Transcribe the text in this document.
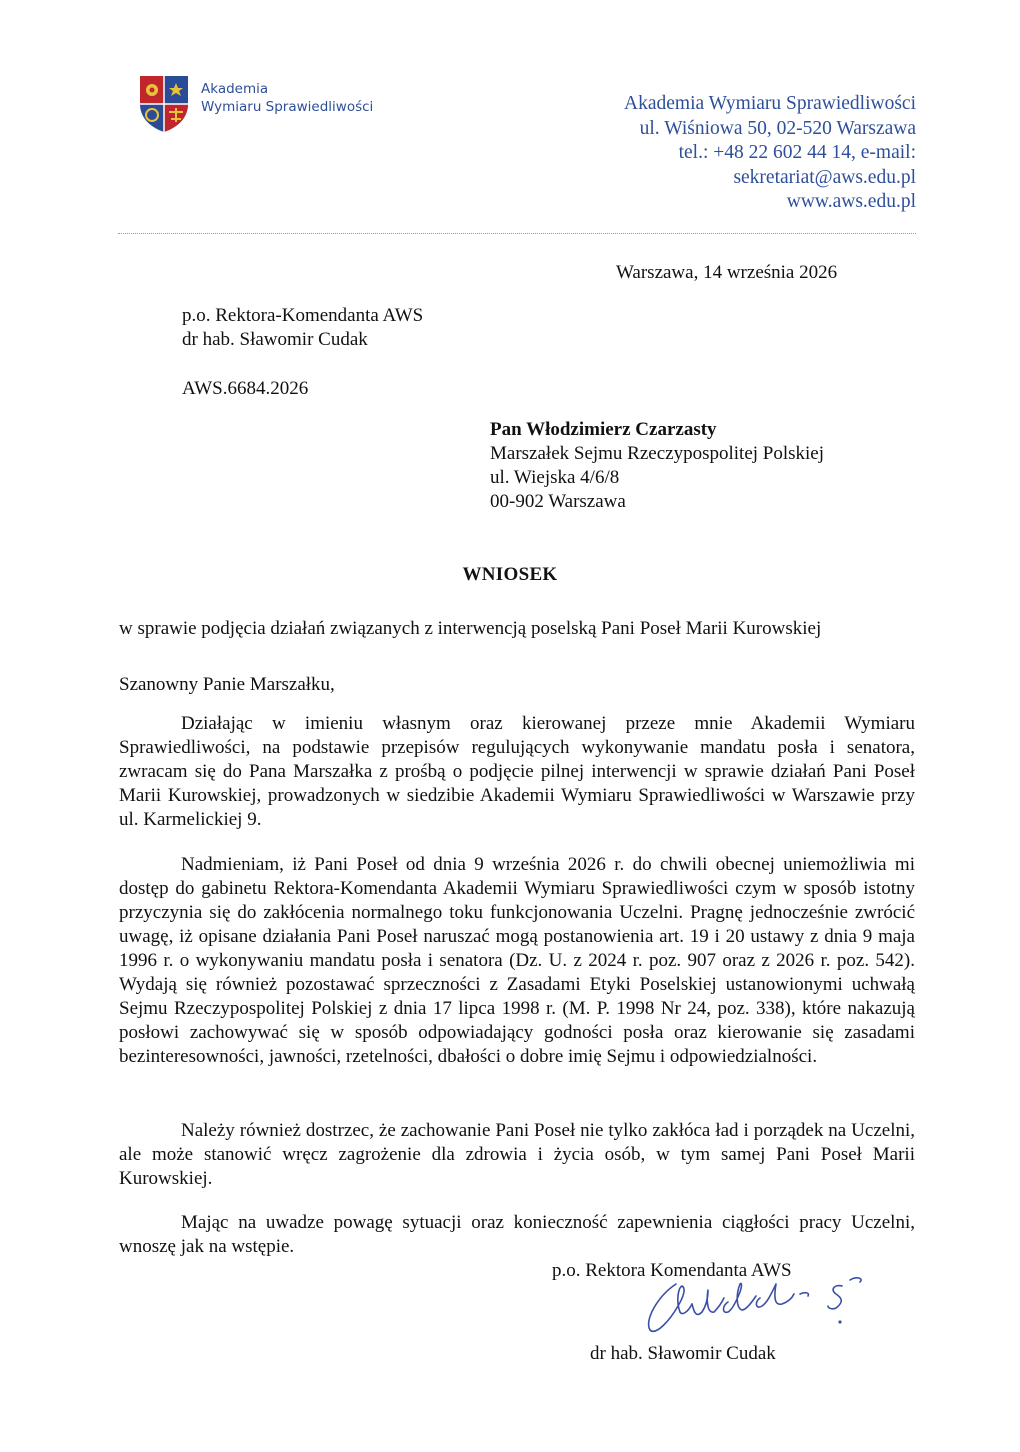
Akademia
Wymiaru Sprawiedliwości	Akademia Wymiaru Sprawiedliwości
ul. Wiśniowa 50, 02-520 Warszawa
tel.: +48 22 602 44 14, e-mail:
sekretariat@aws.edu.pl
www.aws.edu.pl
Warszawa, 14 września 2026
p.o. Rektora-Komendanta AWS
dr hab. Sławomir Cudak
AWS.6684.2026
Pan Włodzimierz Czarzasty
Marszałek Sejmu Rzeczypospolitej Polskiej
ul. Wiejska 4/6/8
00-902 Warszawa
WNIOSEK
w sprawie podjęcia działań związanych z interwencją poselską Pani Poseł Marii Kurowskiej
Szanowny Panie Marszałku,
Działając w imieniu własnym oraz kierowanej przeze mnie Akademii Wymiaru Sprawiedliwości, na podstawie przepisów regulujących wykonywanie mandatu posła i senatora, zwracam się do Pana Marszałka z prośbą o podjęcie pilnej interwencji w sprawie działań Pani Poseł Marii Kurowskiej, prowadzonych w siedzibie Akademii Wymiaru Sprawiedliwości w Warszawie przy ul. Karmelickiej 9.
Nadmieniam, iż Pani Poseł od dnia 9 września 2026 r. do chwili obecnej uniemożliwia mi dostęp do gabinetu Rektora-Komendanta Akademii Wymiaru Sprawiedliwości czym w sposób istotny przyczynia się do zakłócenia normalnego toku funkcjonowania Uczelni. Pragnę jednocześnie zwrócić uwagę, iż opisane działania Pani Poseł naruszać mogą postanowienia art. 19 i 20 ustawy z dnia 9 maja 1996 r. o wykonywaniu mandatu posła i senatora (Dz. U. z 2024 r. poz. 907 oraz z 2026 r. poz. 542). Wydają się również pozostawać sprzeczności z Zasadami Etyki Poselskiej ustanowionymi uchwałą Sejmu Rzeczypospolitej Polskiej z dnia 17 lipca 1998 r. (M. P. 1998 Nr 24, poz. 338), które nakazują posłowi zachowywać się w sposób odpowiadający godności posła oraz kierowanie się zasadami bezinteresowności, jawności, rzetelności, dbałości o dobre imię Sejmu i odpowiedzialności.
Należy również dostrzec, że zachowanie Pani Poseł nie tylko zakłóca ład i porządek na Uczelni, ale może stanowić wręcz zagrożenie dla zdrowia i życia osób, w tym samej Pani Poseł Marii Kurowskiej.
Mając na uwadze powagę sytuacji oraz konieczność zapewnienia ciągłości pracy Uczelni, wnoszę jak na wstępie.
p.o. Rektora Komendanta AWS
dr hab. Sławomir Cudak
